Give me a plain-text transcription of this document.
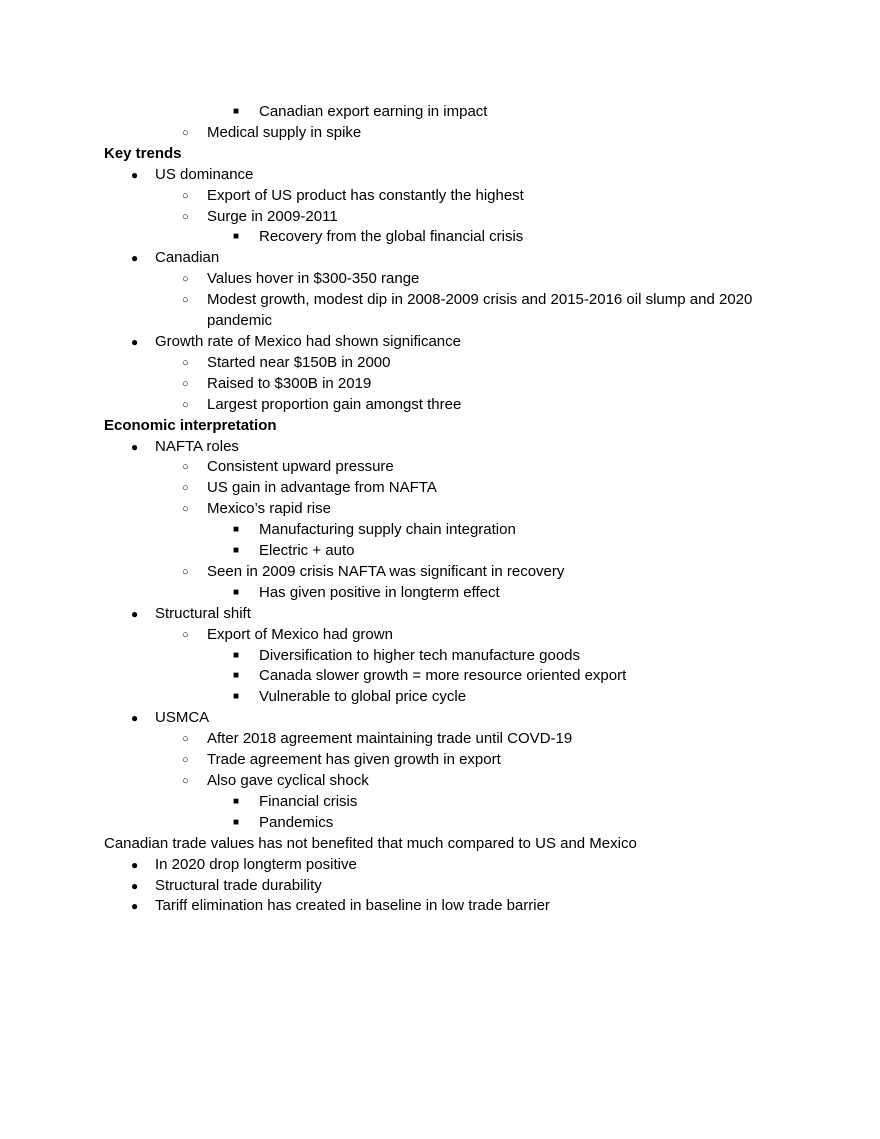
■ Canadian export earning in impact
○ Medical supply in spike
Key trends
● US dominance
○ Export of US product has constantly the highest
○ Surge in 2009-2011
■ Recovery from the global financial crisis
● Canadian
○ Values hover in $300-350 range
○ Modest growth, modest dip in 2008-2009 crisis and 2015-2016 oil slump and 2020 pandemic
● Growth rate of Mexico had shown significance
○ Started near $150B in 2000
○ Raised to $300B in 2019
○ Largest proportion gain amongst three
Economic interpretation
● NAFTA roles
○ Consistent upward pressure
○ US gain in advantage from NAFTA
○ Mexico’s rapid rise
■ Manufacturing supply chain integration
■ Electric + auto
○ Seen in 2009 crisis NAFTA was significant in recovery
■ Has given positive in longterm effect
● Structural shift
○ Export of Mexico had grown
■ Diversification to higher tech manufacture goods
■ Canada slower growth = more resource oriented export
■ Vulnerable to global price cycle
● USMCA
○ After 2018 agreement maintaining trade until COVD-19
○ Trade agreement has given growth in export
○ Also gave cyclical shock
■ Financial crisis
■ Pandemics
Canadian trade values has not benefited that much compared to US and Mexico
● In 2020 drop longterm positive
● Structural trade durability
● Tariff elimination has created in baseline in low trade barrier
